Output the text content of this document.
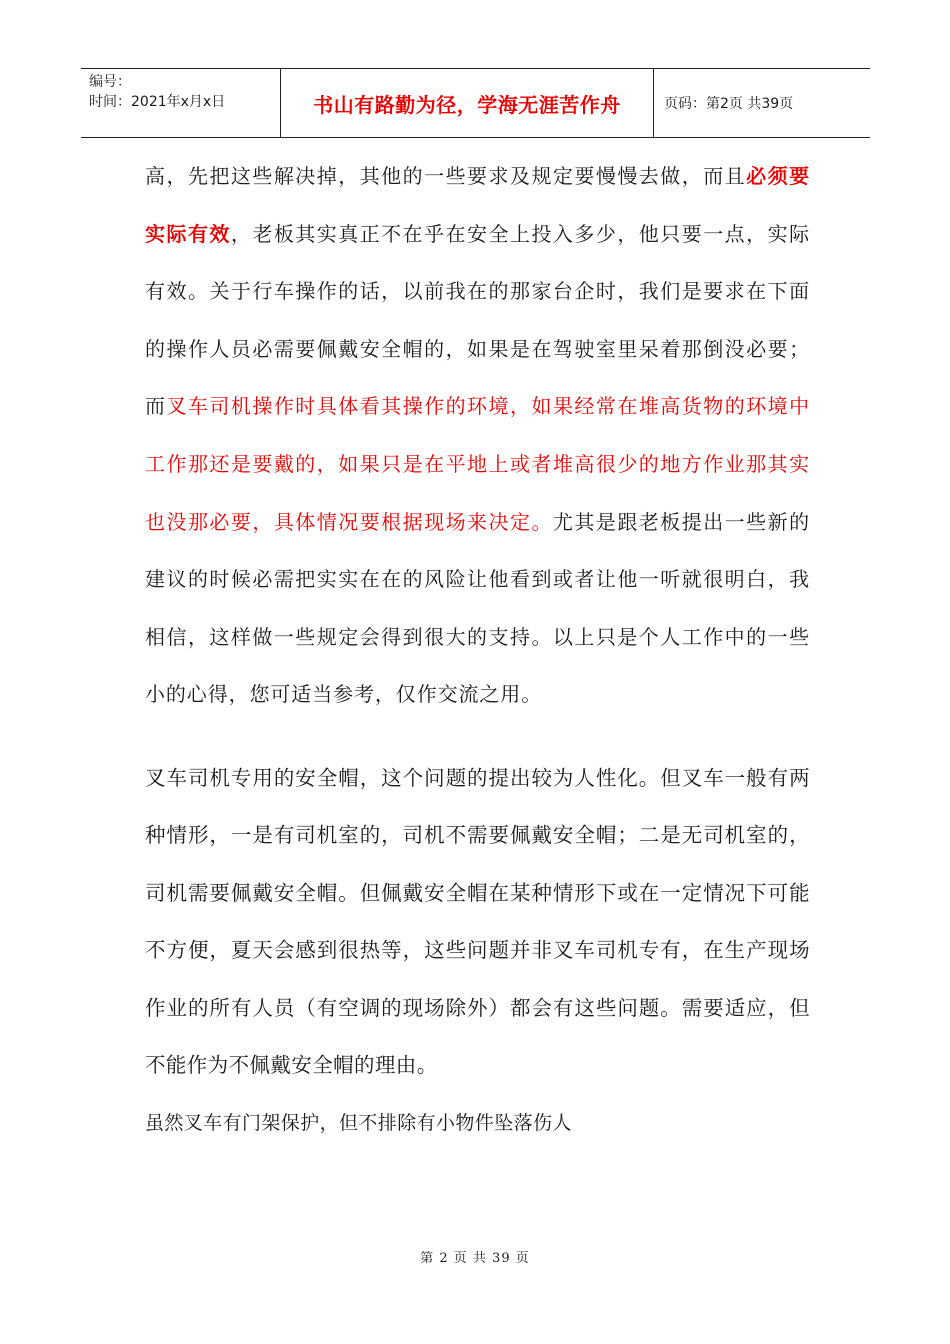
编号：
时间：2021年x月x日	书山有路勤为径，学海无涯苦作舟	页码：第2页 共39页

高，先把这些解决掉，其他的一些要求及规定要慢慢去做，而且必须要实际有效，老板其实真正不在乎在安全上投入多少，他只要一点，实际有效。关于行车操作的话，以前我在的那家台企时，我们是要求在下面的操作人员必需要佩戴安全帽的，如果是在驾驶室里呆着那倒没必要；而叉车司机操作时具体看其操作的环境，如果经常在堆高货物的环境中工作那还是要戴的，如果只是在平地上或者堆高很少的地方作业那其实也没那必要，具体情况要根据现场来决定。尤其是跟老板提出一些新的建议的时候必需把实实在在的风险让他看到或者让他一听就很明白，我相信，这样做一些规定会得到很大的支持。以上只是个人工作中的一些小的心得，您可适当参考，仅作交流之用。

叉车司机专用的安全帽，这个问题的提出较为人性化。但叉车一般有两种情形，一是有司机室的，司机不需要佩戴安全帽；二是无司机室的，司机需要佩戴安全帽。但佩戴安全帽在某种情形下或在一定情况下可能不方便，夏天会感到很热等，这些问题并非叉车司机专有，在生产现场作业的所有人员（有空调的现场除外）都会有这些问题。需要适应，但不能作为不佩戴安全帽的理由。

虽然叉车有门架保护，但不排除有小物件坠落伤人

第 2 页 共 39 页
